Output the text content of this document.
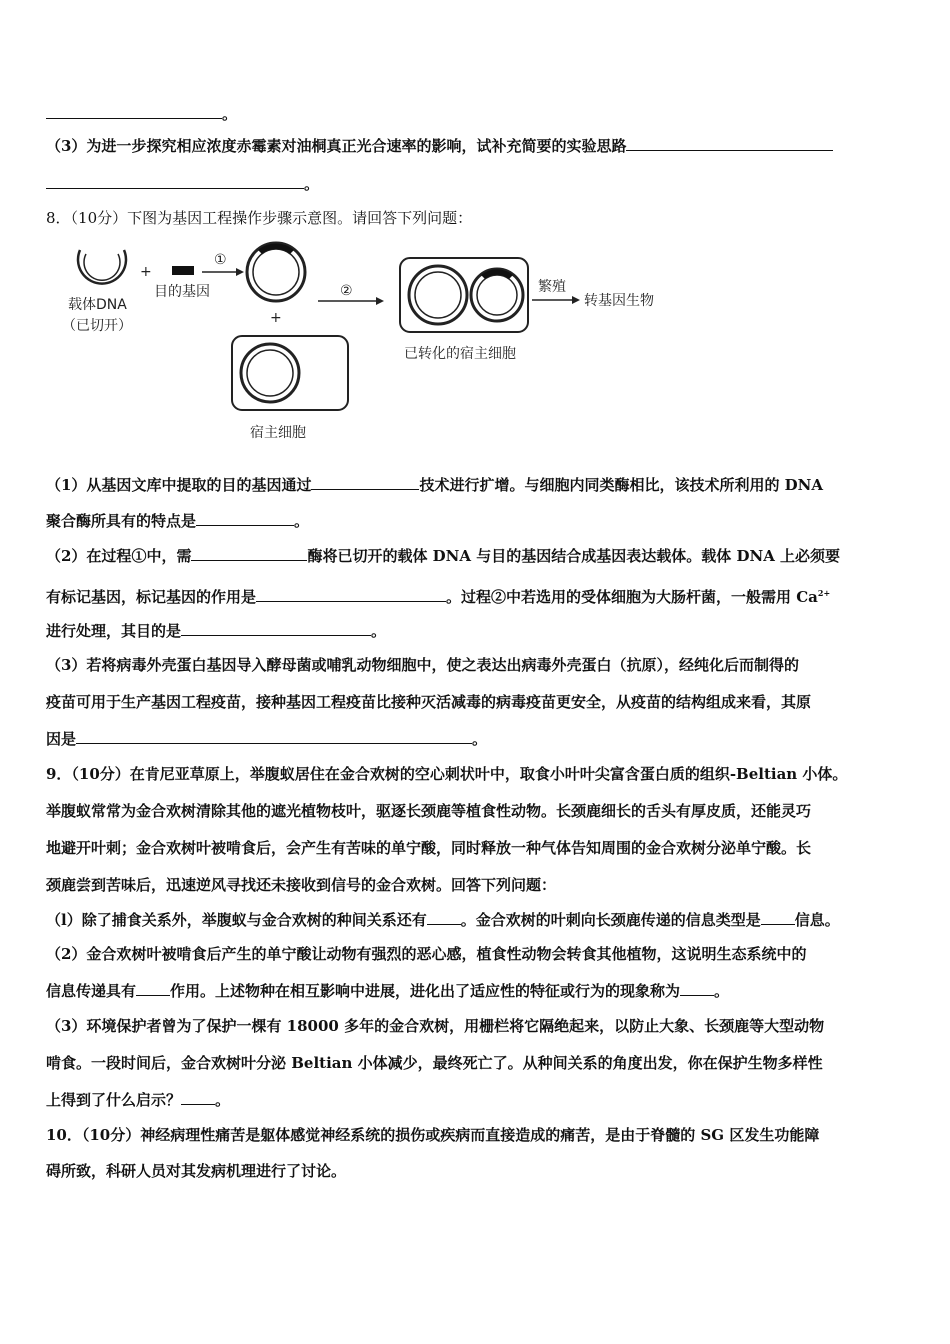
。
（3）为进一步探究相应浓度赤霉素对油桐真正光合速率的影响，试补充简要的实验思路
。
8．（10分）下图为基因工程操作步骤示意图。请回答下列问题：
载体DNA
（已切开）
+
目的基因
①
+
宿主细胞
②
已转化的宿主细胞
繁殖
转基因生物
（1）从基因文库中提取的目的基因通过	技术进行扩增。与细胞内同类酶相比，该技术所利用的 DNA
聚合酶所具有的特点是	。
（2）在过程①中，需	酶将已切开的载体 DNA 与目的基因结合成基因表达载体。载体 DNA 上必须要
有标记基因，标记基因的作用是	。过程②中若选用的受体细胞为大肠杆菌，一般需用 $Ca^{2+}$
进行处理，其目的是	。
（3）若将病毒外壳蛋白基因导入酵母菌或哺乳动物细胞中，使之表达出病毒外壳蛋白（抗原），经纯化后而制得的
疫苗可用于生产基因工程疫苗，接种基因工程疫苗比接种灭活减毒的病毒疫苗更安全，从疫苗的结构组成来看，其原
因是	。
9．（10分）在肯尼亚草原上，举腹蚁居住在金合欢树的空心刺状叶中，取食小叶叶尖富含蛋白质的组织-Beltian 小体。
举腹蚁常常为金合欢树清除其他的遮光植物枝叶，驱逐长颈鹿等植食性动物。长颈鹿细长的舌头有厚皮质，还能灵巧
地避开叶刺；金合欢树叶被啃食后，会产生有苦味的单宁酸，同时释放一种气体告知周围的金合欢树分泌单宁酸。长
颈鹿尝到苦味后，迅速逆风寻找还未接收到信号的金合欢树。回答下列问题：
（l）除了捕食关系外，举腹蚁与金合欢树的种间关系还有 。金合欢树的叶刺向长颈鹿传递的信息类型是 信息。
（2）金合欢树叶被啃食后产生的单宁酸让动物有强烈的恶心感，植食性动物会转食其他植物，这说明生态系统中的
信息传递具有 作用。上述物种在相互影响中进展，进化出了适应性的特征或行为的现象称为 。
（3）环境保护者曾为了保护一棵有 18000 多年的金合欢树，用栅栏将它隔绝起来，以防止大象、长颈鹿等大型动物
啃食。一段时间后，金合欢树叶分泌 Beltian 小体减少，最终死亡了。从种间关系的角度出发，你在保护生物多样性
上得到了什么启示？ 。
10．（10分）神经病理性痛苦是躯体感觉神经系统的损伤或疾病而直接造成的痛苦，是由于脊髓的 SG 区发生功能障
碍所致，科研人员对其发病机理进行了讨论。
